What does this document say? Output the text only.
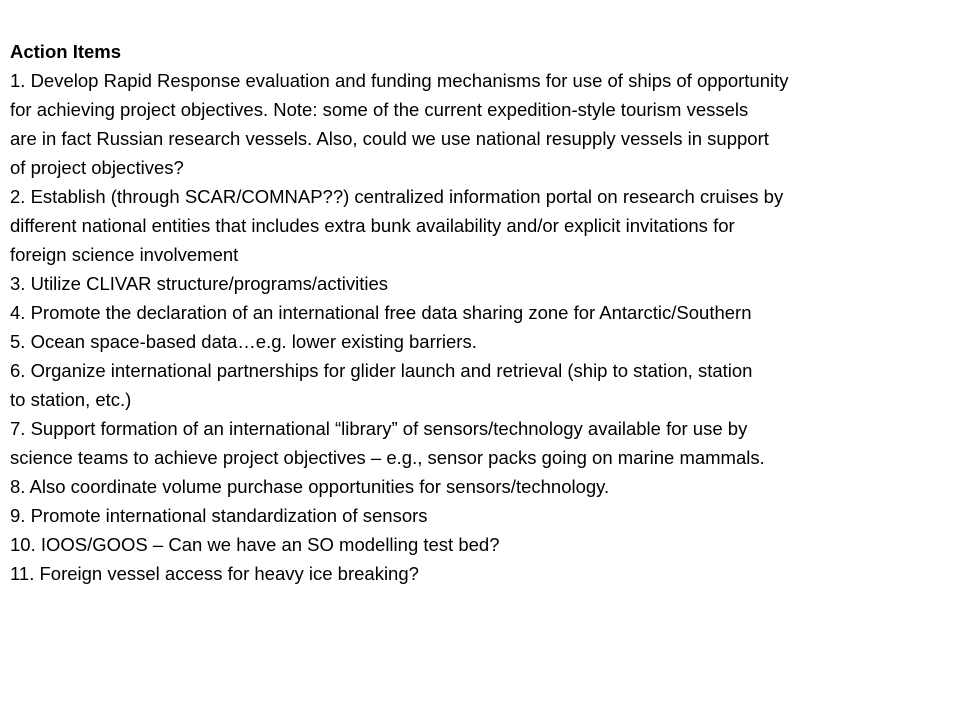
Action Items

1. Develop Rapid Response evaluation and funding mechanisms for use of ships of opportunity

for achieving project objectives. Note: some of the current expedition-style tourism vessels

are in fact Russian research vessels. Also, could we use national resupply vessels in support

of project objectives?

2. Establish (through SCAR/COMNAP??) centralized information portal on research cruises by

different national entities that includes extra bunk availability and/or explicit invitations for

foreign science involvement

3. Utilize CLIVAR structure/programs/activities

4. Promote the declaration of an international free data sharing zone for Antarctic/Southern

5. Ocean space-based data…e.g. lower existing barriers.

6. Organize international partnerships for glider launch and retrieval (ship to station, station

to station, etc.)

7. Support formation of an international “library” of sensors/technology available for use by

science teams to achieve project objectives – e.g., sensor packs going on marine mammals.

8. Also coordinate volume purchase opportunities for sensors/technology.

9. Promote international standardization of sensors

10. IOOS/GOOS – Can we have an SO modelling test bed?

11. Foreign vessel access for heavy ice breaking?
